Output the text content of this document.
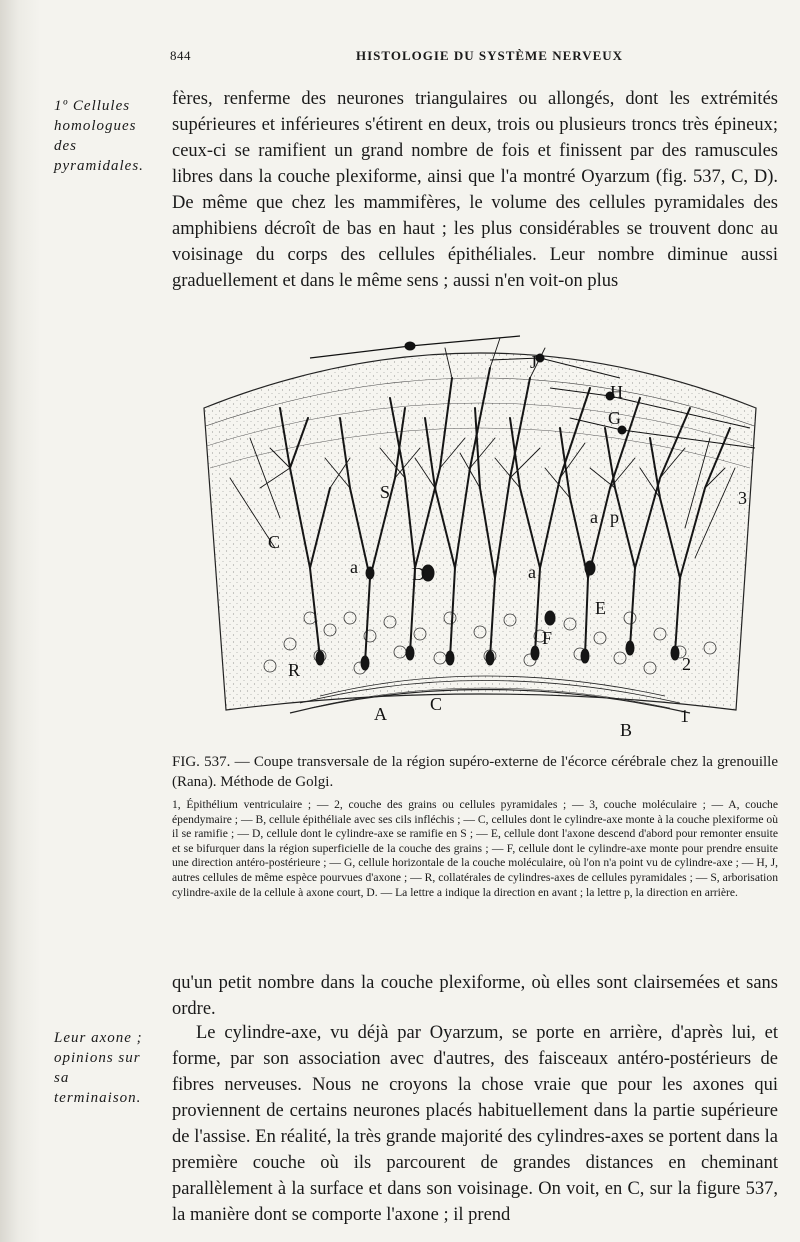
844	HISTOLOGIE DU SYSTÈME NERVEUX
1º Cellules homologues des pyramidales.

fères, renferme des neurones triangulaires ou allongés, dont les extrémités supérieures et inférieures s'étirent en deux, trois ou plusieurs troncs très épineux; ceux-ci se ramifient un grand nombre de fois et finissent par des ramuscules libres dans la couche plexiforme, ainsi que l'a montré Oyarzum (fig. 537, C, D). De même que chez les mammifères, le volume des cellules pyramidales des amphibiens décroît de bas en haut ; les plus considérables se trouvent donc au voisinage du corps des cellules épithéliales. Leur nombre diminue aussi graduellement et dans le même sens ; aussi n'en voit-on plus

J
H
G
S	3
p
C
D
a
a
a
E
F
R	2
A C
B
1
FIG. 537. — Coupe transversale de la région supéro-externe de l'écorce cérébrale chez la grenouille (Rana). Méthode de Golgi.

1, Épithélium ventriculaire ; — 2, couche des grains ou cellules pyramidales ; — 3, couche moléculaire ; — A, couche épendymaire ; — B, cellule épithéliale avec ses cils infléchis ; — C, cellules dont le cylindre-axe monte à la couche plexiforme où il se ramifie ; — D, cellule dont le cylindre-axe se ramifie en S ; — E, cellule dont l'axone descend d'abord pour remonter ensuite et se bifurquer dans la région superficielle de la couche des grains ; — F, cellule dont le cylindre-axe monte pour prendre ensuite une direction antéro-postérieure ; — G, cellule horizontale de la couche moléculaire, où l'on n'a point vu de cylindre-axe ; — H, J, autres cellules de même espèce pourvues d'axone ; — R, collatérales de cylindres-axes de cellules pyramidales ; — S, arborisation cylindre-axile de la cellule à axone court, D. — La lettre a indique la direction en avant ; la lettre p, la direction en arrière.

qu'un petit nombre dans la couche plexiforme, où elles sont clairsemées et sans ordre.

Leur axone ; opinions sur sa terminaison.

Le cylindre-axe, vu déjà par Oyarzum, se porte en arrière, d'après lui, et forme, par son association avec d'autres, des faisceaux antéro-postérieurs de fibres nerveuses. Nous ne croyons la chose vraie que pour les axones qui proviennent de certains neurones placés habituellement dans la partie supérieure de l'assise. En réalité, la très grande majorité des cylindres-axes se portent dans la première couche où ils parcourent de grandes distances en cheminant parallèlement à la surface et dans son voisinage. On voit, en C, sur la figure 537, la manière dont se comporte l'axone ; il prend
